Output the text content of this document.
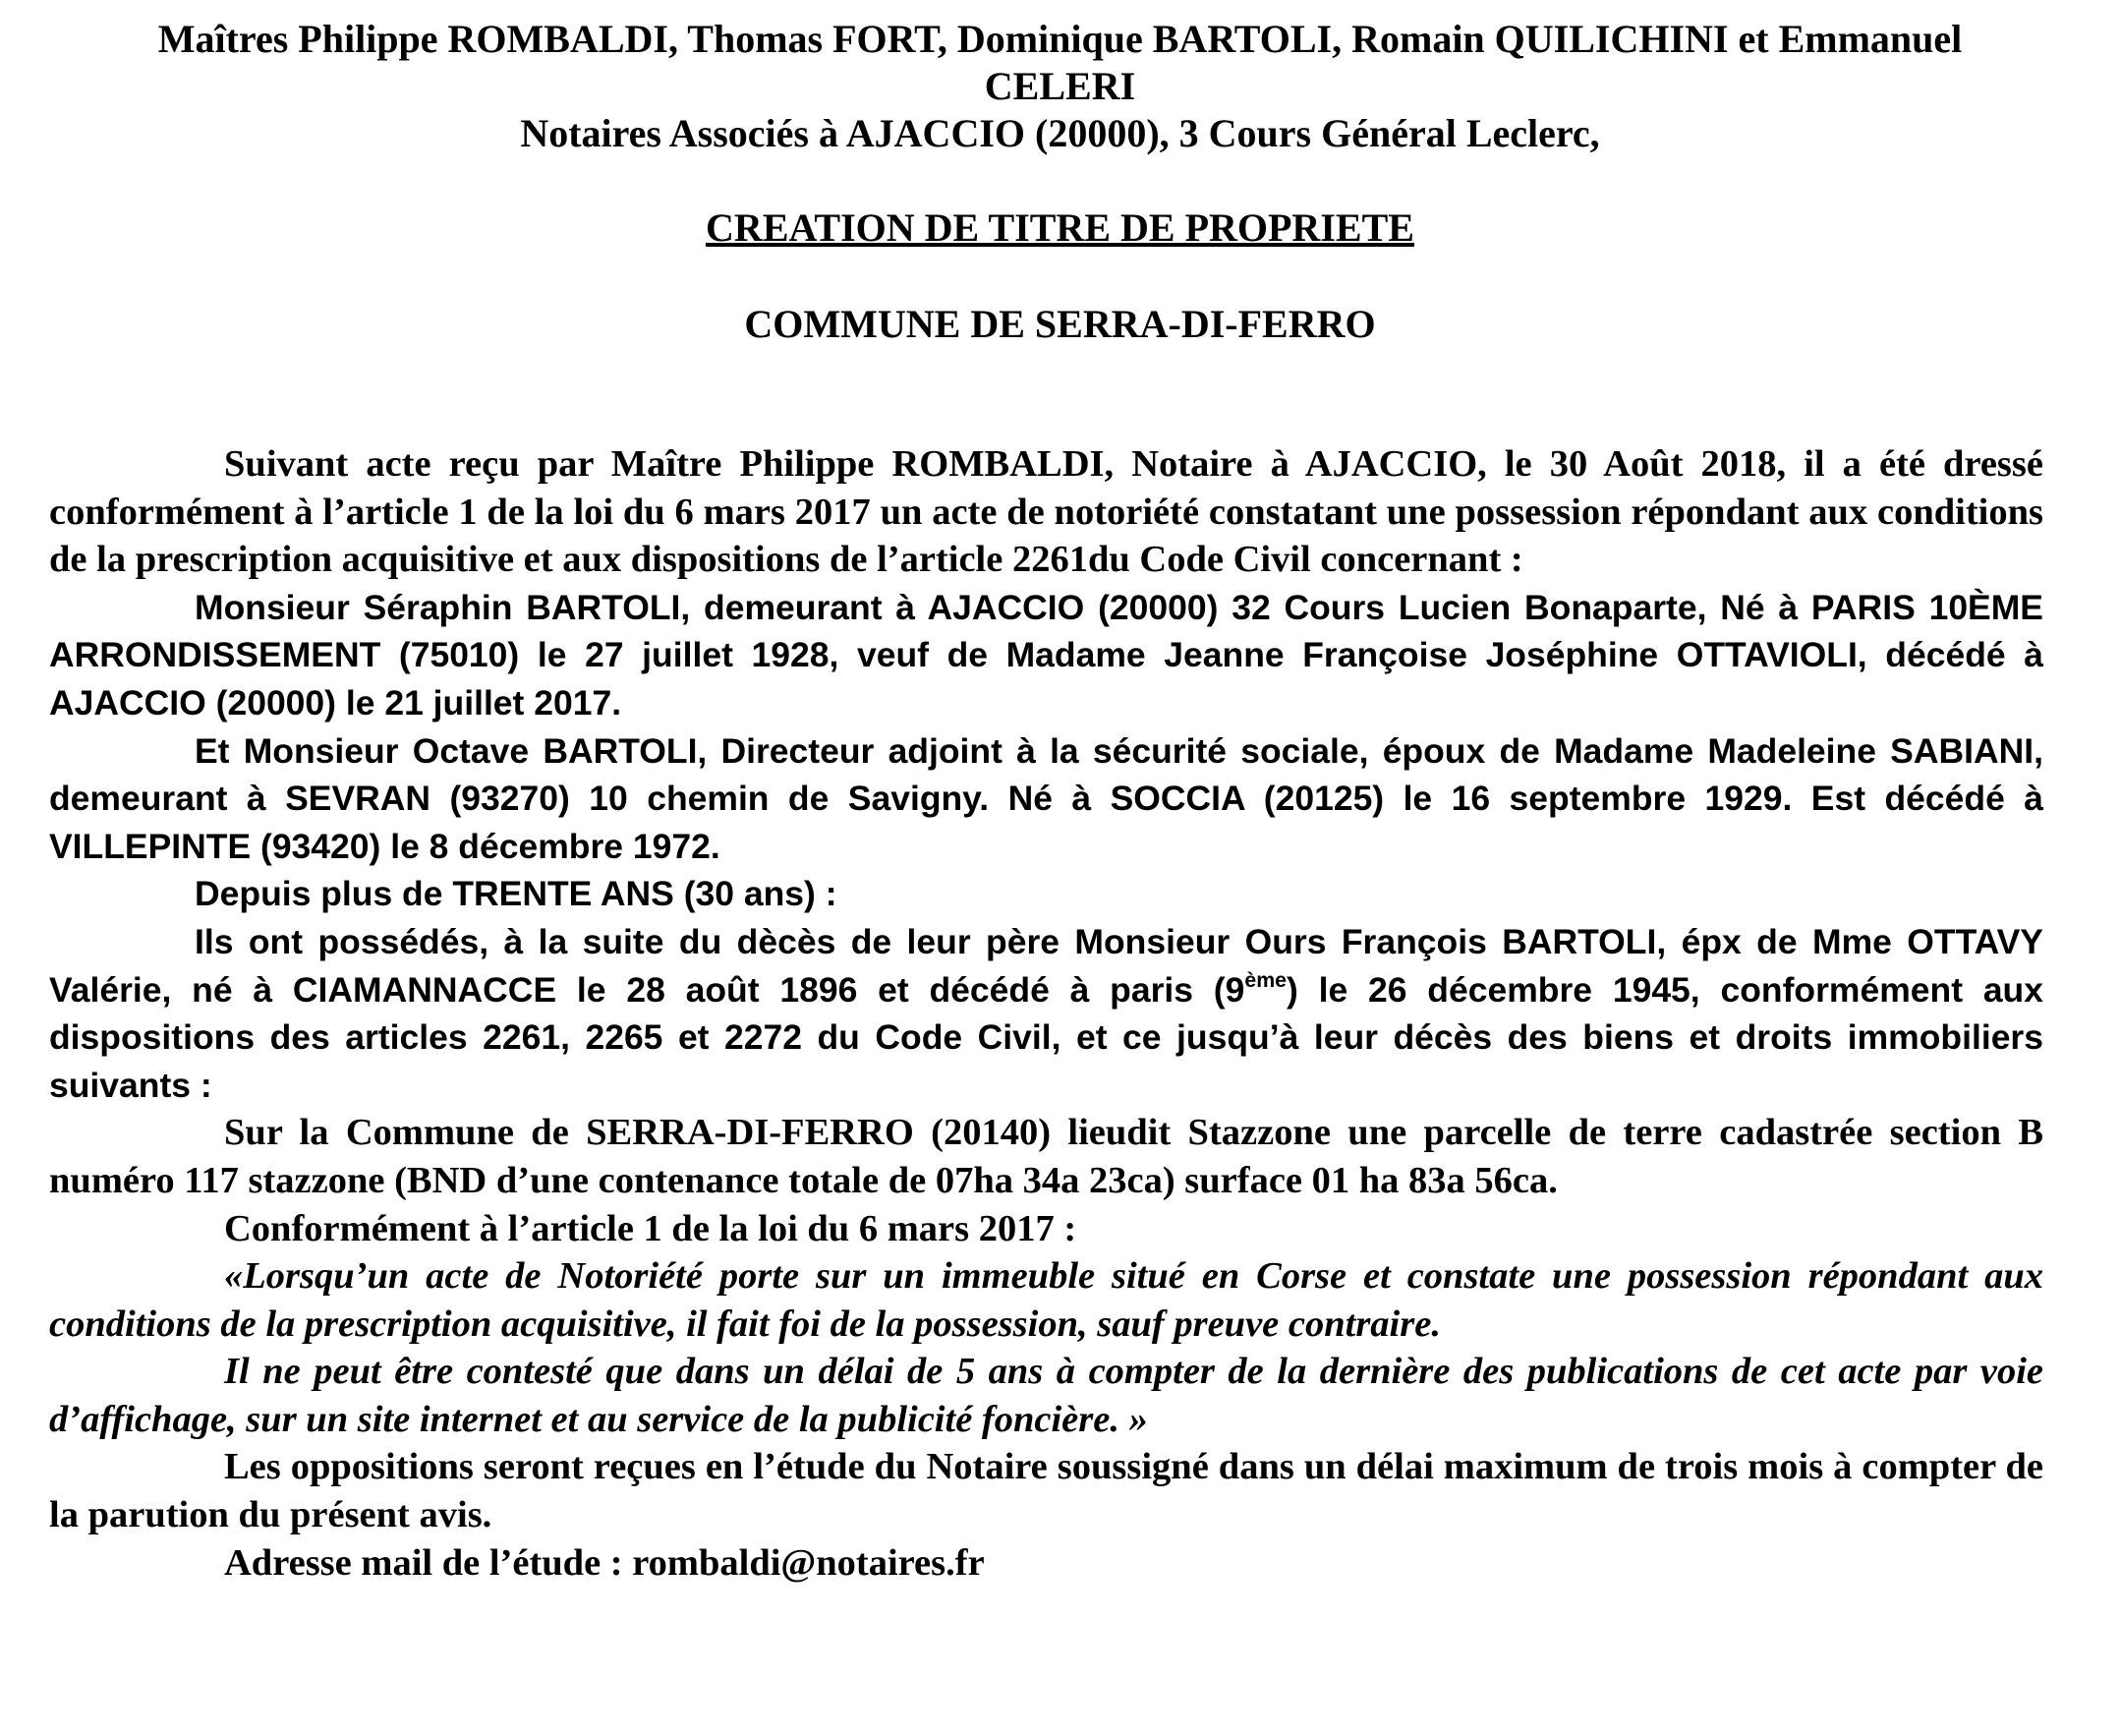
Maîtres Philippe ROMBALDI, Thomas FORT, Dominique BARTOLI, Romain QUILICHINI et Emmanuel
CELERI
Notaires Associés à AJACCIO (20000), 3 Cours Général Leclerc,
CREATION DE TITRE DE PROPRIETE
COMMUNE DE SERRA-DI-FERRO

Suivant acte reçu par Maître Philippe ROMBALDI, Notaire à AJACCIO, le 30 Août 2018, il a été dressé conformément à l’article 1 de la loi du 6 mars 2017 un acte de notoriété constatant une possession répondant aux conditions de la prescription acquisitive et aux dispositions de l’article 2261du Code Civil concernant :

Monsieur Séraphin BARTOLI, demeurant à AJACCIO (20000) 32 Cours Lucien Bonaparte, Né à PARIS 10ÈME ARRONDISSEMENT (75010) le 27 juillet 1928, veuf de Madame Jeanne Françoise Joséphine OTTAVIOLI, décédé à AJACCIO (20000) le 21 juillet 2017.

Et Monsieur Octave BARTOLI, Directeur adjoint à la sécurité sociale, époux de Madame Madeleine SABIANI, demeurant à SEVRAN (93270) 10 chemin de Savigny. Né à SOCCIA (20125) le 16 septembre 1929. Est décédé à VILLEPINTE (93420) le 8 décembre 1972.

Depuis plus de TRENTE ANS (30 ans) :

Ils ont possédés, à la suite du dècès de leur père Monsieur Ours François BARTOLI, épx de Mme OTTAVY Valérie, né à CIAMANNACCE le 28 août 1896 et décédé à paris (9ème) le 26 décembre 1945, conformément aux dispositions des articles 2261, 2265 et 2272 du Code Civil, et ce jusqu’à leur décès des biens et droits immobiliers suivants :

Sur la Commune de SERRA-DI-FERRO (20140) lieudit Stazzone une parcelle de terre cadastrée section B numéro 117 stazzone (BND d’une contenance totale de 07ha 34a 23ca) surface 01 ha 83a 56ca.

Conformément à l’article 1 de la loi du 6 mars 2017 :

«Lorsqu’un acte de Notoriété porte sur un immeuble situé en Corse et constate une possession répondant aux conditions de la prescription acquisitive, il fait foi de la possession, sauf preuve contraire.

Il ne peut être contesté que dans un délai de 5 ans à compter de la dernière des publications de cet acte par voie d’affichage, sur un site internet et au service de la publicité foncière. »

Les oppositions seront reçues en l’étude du Notaire soussigné dans un délai maximum de trois mois à compter de la parution du présent avis.

Adresse mail de l’étude : rombaldi@notaires.fr
